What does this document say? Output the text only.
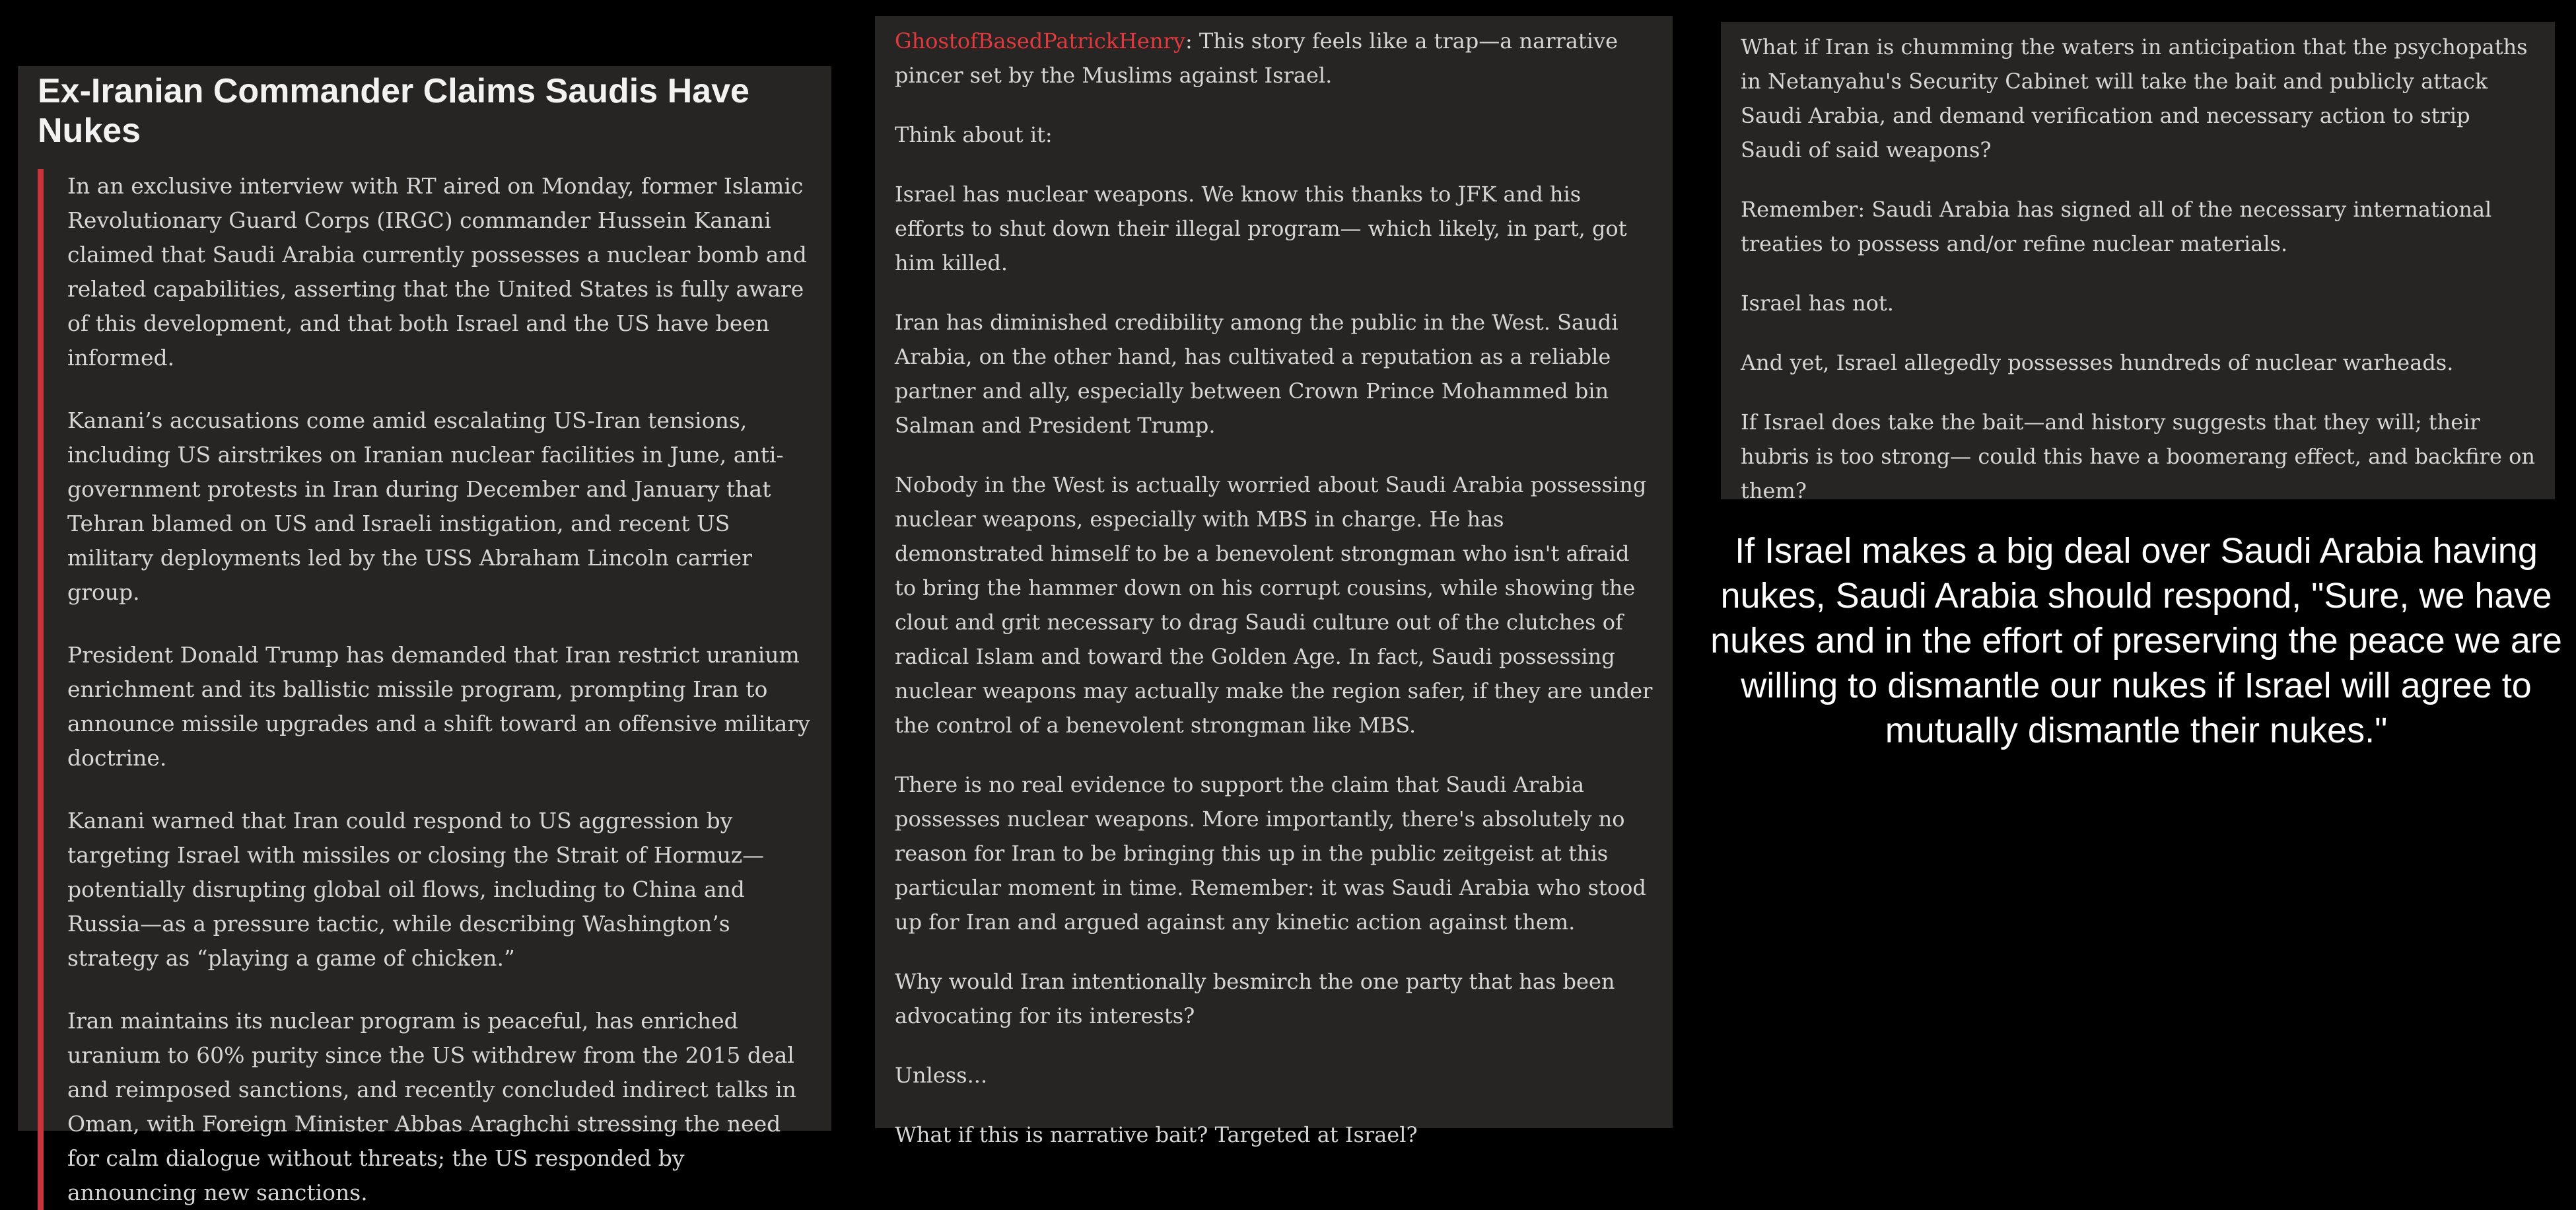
Ex-Iranian Commander Claims Saudis Have Nukes

In an exclusive interview with RT aired on Monday, former Islamic Revolutionary Guard Corps (IRGC) commander Hussein Kanani claimed that Saudi Arabia currently possesses a nuclear bomb and related capabilities, asserting that the United States is fully aware of this development, and that both Israel and the US have been informed.

Kanani’s accusations come amid escalating US-Iran tensions, including US airstrikes on Iranian nuclear facilities in June, anti-government protests in Iran during December and January that Tehran blamed on US and Israeli instigation, and recent US military deployments led by the USS Abraham Lincoln carrier group.

President Donald Trump has demanded that Iran restrict uranium enrichment and its ballistic missile program, prompting Iran to announce missile upgrades and a shift toward an offensive military doctrine.

Kanani warned that Iran could respond to US aggression by targeting Israel with missiles or closing the Strait of Hormuz—potentially disrupting global oil flows, including to China and Russia—as a pressure tactic, while describing Washington’s strategy as “playing a game of chicken.”

Iran maintains its nuclear program is peaceful, has enriched uranium to 60% purity since the US withdrew from the 2015 deal and reimposed sanctions, and recently concluded indirect talks in Oman, with Foreign Minister Abbas Araghchi stressing the need for calm dialogue without threats; the US responded by announcing new sanctions.

GhostofBasedPatrickHenry: This story feels like a trap—a narrative pincer set by the Muslims against Israel.

Think about it:

Israel has nuclear weapons. We know this thanks to JFK and his efforts to shut down their illegal program— which likely, in part, got him killed.

Iran has diminished credibility among the public in the West. Saudi Arabia, on the other hand, has cultivated a reputation as a reliable partner and ally, especially between Crown Prince Mohammed bin Salman and President Trump.

Nobody in the West is actually worried about Saudi Arabia possessing nuclear weapons, especially with MBS in charge. He has demonstrated himself to be a benevolent strongman who isn't afraid to bring the hammer down on his corrupt cousins, while showing the clout and grit necessary to drag Saudi culture out of the clutches of radical Islam and toward the Golden Age. In fact, Saudi possessing nuclear weapons may actually make the region safer, if they are under the control of a benevolent strongman like MBS.

There is no real evidence to support the claim that Saudi Arabia possesses nuclear weapons. More importantly, there's absolutely no reason for Iran to be bringing this up in the public zeitgeist at this particular moment in time. Remember: it was Saudi Arabia who stood up for Iran and argued against any kinetic action against them.

Why would Iran intentionally besmirch the one party that has been advocating for its interests?

Unless...

What if this is narrative bait? Targeted at Israel?

What if Iran is chumming the waters in anticipation that the psychopaths in Netanyahu's Security Cabinet will take the bait and publicly attack Saudi Arabia, and demand verification and necessary action to strip Saudi of said weapons?

Remember: Saudi Arabia has signed all of the necessary international treaties to possess and/or refine nuclear materials.

Israel has not.

And yet, Israel allegedly possesses hundreds of nuclear warheads.

If Israel does take the bait—and history suggests that they will; their hubris is too strong— could this have a boomerang effect, and backfire on them?

If Israel makes a big deal over Saudi Arabia having nukes, Saudi Arabia should respond, "Sure, we have nukes and in the effort of preserving the peace we are willing to dismantle our nukes if Israel will agree to mutually dismantle their nukes."
